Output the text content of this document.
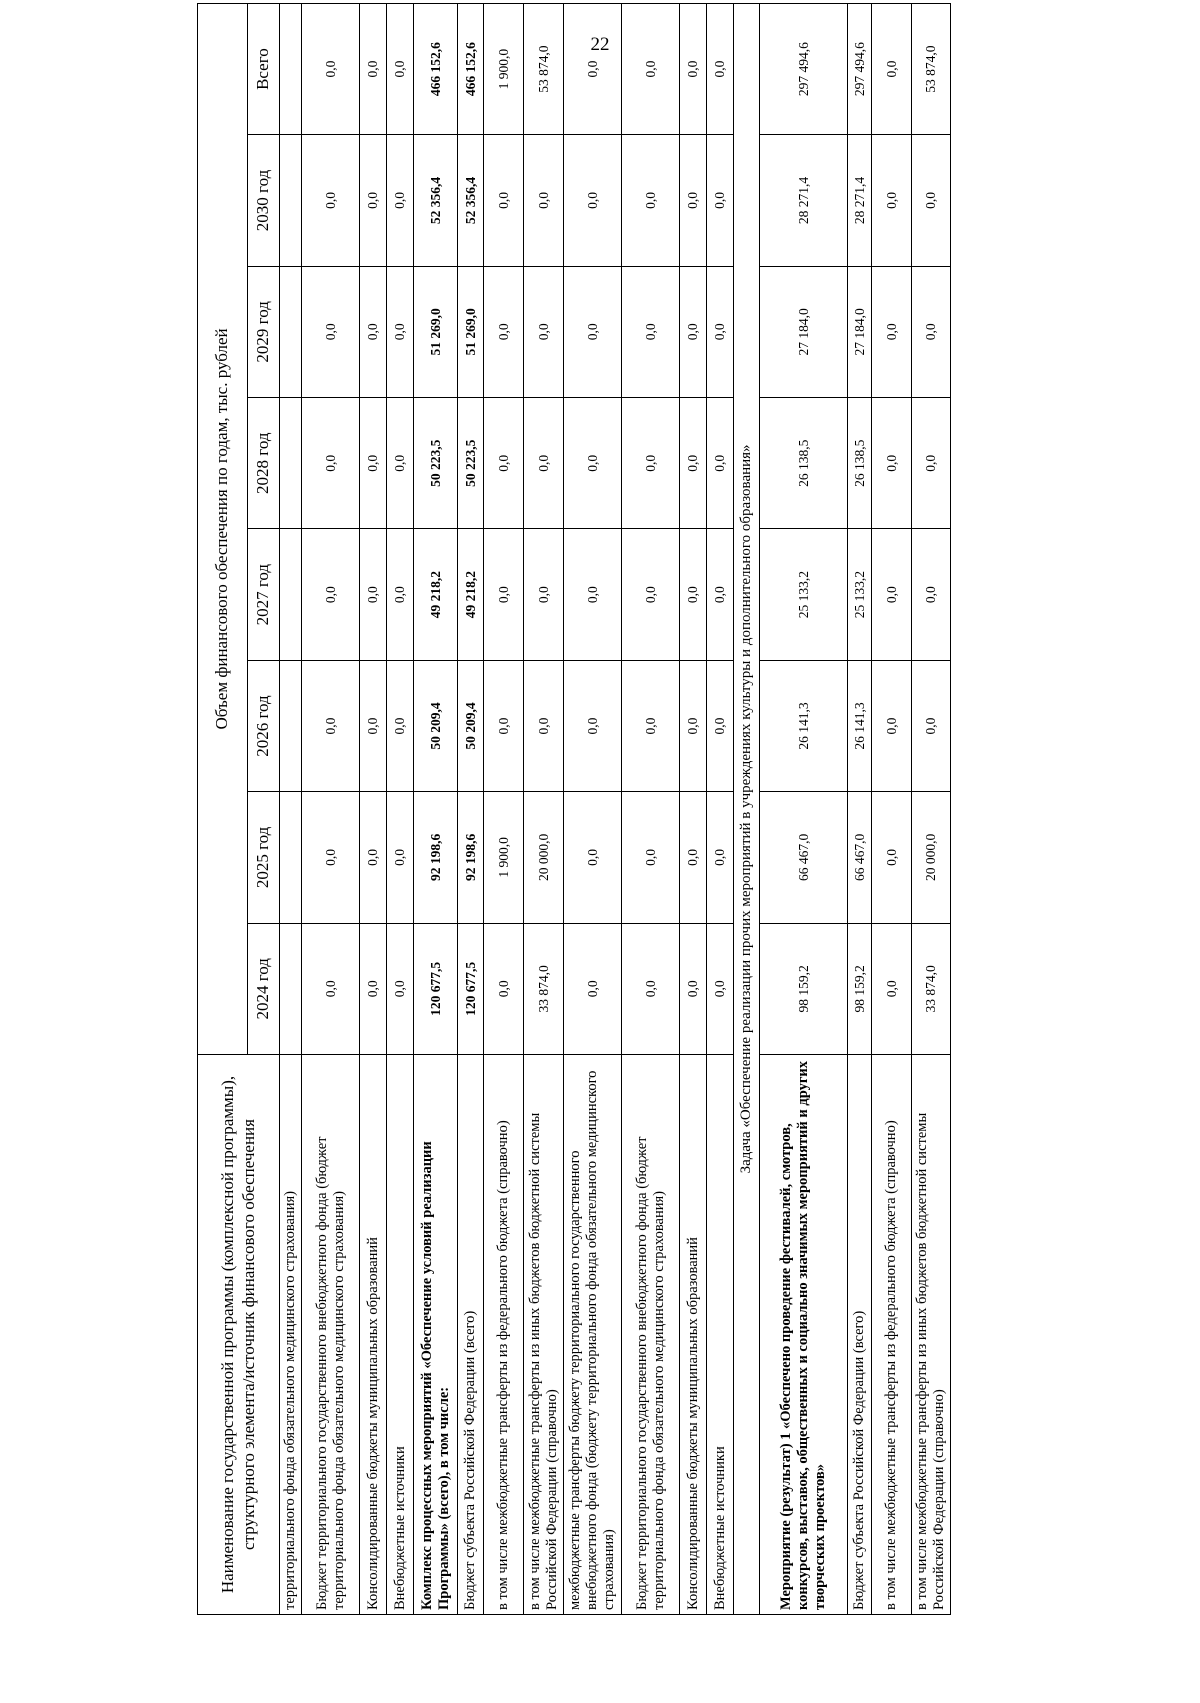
22
Наименование государственной программы (комплексной программы), структурного элемента/источник финансового обеспечения	Объем финансового обеспечения по годам, тыс. рублей							
	2024 год	2025 год	2026 год	2027 год	2028 год	2029 год	2030 год	Всего
территориального фонда обязательного медицинского страхования)								
Бюджет территориального государственного внебюджетного фонда (бюджет территориального фонда обязательного медицинского страхования)	0,0	0,0	0,0	0,0	0,0	0,0	0,0	0,0
Консолидированные бюджеты муниципальных образований	0,0	0,0	0,0	0,0	0,0	0,0	0,0	0,0
Внебюджетные источники	0,0	0,0	0,0	0,0	0,0	0,0	0,0	0,0
Комплекс процессных мероприятий «Обеспечение условий реализации Программы» (всего), в том числе:	120 677,5	92 198,6	50 209,4	49 218,2	50 223,5	51 269,0	52 356,4	466 152,6
Бюджет субъекта Российской Федерации (всего)	120 677,5	92 198,6	50 209,4	49 218,2	50 223,5	51 269,0	52 356,4	466 152,6
в том числе межбюджетные трансферты из федерального бюджета (справочно)	0,0	1 900,0	0,0	0,0	0,0	0,0	0,0	1 900,0
в том числе межбюджетные трансферты из иных бюджетов бюджетной системы Российской Федерации (справочно)	33 874,0	20 000,0	0,0	0,0	0,0	0,0	0,0	53 874,0
межбюджетные трансферты бюджету территориального государственного внебюджетного фонда (бюджету территориального фонда обязательного медицинского страхования)	0,0	0,0	0,0	0,0	0,0	0,0	0,0	0,0
Бюджет территориального государственного внебюджетного фонда (бюджет территориального фонда обязательного медицинского страхования)	0,0	0,0	0,0	0,0	0,0	0,0	0,0	0,0
Консолидированные бюджеты муниципальных образований	0,0	0,0	0,0	0,0	0,0	0,0	0,0	0,0
Внебюджетные источники	0,0	0,0	0,0	0,0	0,0	0,0	0,0	0,0
Задача «Обеспечение реализации прочих мероприятий в учреждениях культуры и дополнительного образования»								
Мероприятие (результат) 1 «Обеспечено проведение фестивалей, смотров, конкурсов, выставок, общественных и социально значимых мероприятий и других творческих проектов»	98 159,2	66 467,0	26 141,3	25 133,2	26 138,5	27 184,0	28 271,4	297 494,6
Бюджет субъекта Российской Федерации (всего)	98 159,2	66 467,0	26 141,3	25 133,2	26 138,5	27 184,0	28 271,4	297 494,6
в том числе межбюджетные трансферты из федерального бюджета (справочно)	0,0	0,0	0,0	0,0	0,0	0,0	0,0	0,0
в том числе межбюджетные трансферты из иных бюджетов бюджетной системы Российской Федерации (справочно)	33 874,0	20 000,0	0,0	0,0	0,0	0,0	0,0	53 874,0
